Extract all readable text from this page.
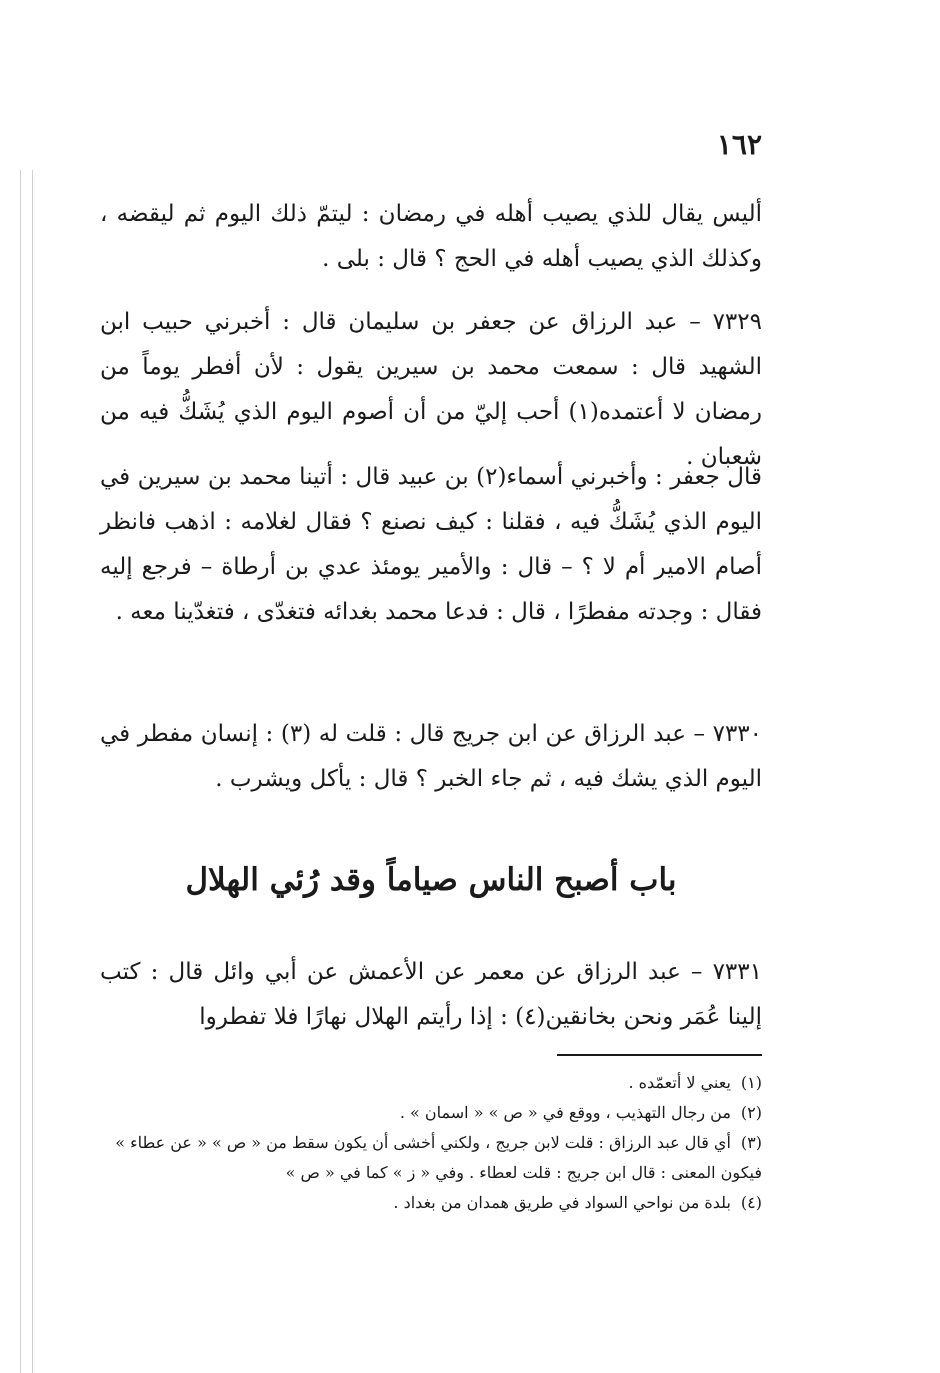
١٦٢

أليس يقال للذي يصيب أهله في رمضان : ليتمّ ذلك اليوم ثم ليقضه ، وكذلك الذي يصيب أهله في الحج ؟ قال : بلى .

٧٣٢٩ – عبد الرزاق عن جعفر بن سليمان قال : أخبرني حبيب ابن الشهيد قال : سمعت محمد بن سيرين يقول : لأن أفطر يوماً من رمضان لا أعتمده(١) أحب إليّ من أن أصوم اليوم الذي يُشَكُّ فيه من شعبان .

قال جعفر : وأخبرني أسماء(٢) بن عبيد قال : أتينا محمد بن سيرين في اليوم الذي يُشَكُّ فيه ، فقلنا : كيف نصنع ؟ فقال لغلامه : اذهب فانظر أصام الامير أم لا ؟ – قال : والأمير يومئذ عدي بن أرطاة – فرجع إليه فقال : وجدته مفطرًا ، قال : فدعا محمد بغدائه فتغدّى ، فتغدّينا معه .

٧٣٣٠ – عبد الرزاق عن ابن جريج قال : قلت له (٣) : إنسان مفطر في اليوم الذي يشك فيه ، ثم جاء الخبر ؟ قال : يأكل ويشرب .

باب أصبح الناس صياماً وقد رُئي الهلال

٧٣٣١ – عبد الرزاق عن معمر عن الأعمش عن أبي وائل قال : كتب إلينا عُمَر ونحن بخانقين(٤) : إذا رأيتم الهلال نهارًا فلا تفطروا

(١)يعني لا أتعمّده .
(٢)من رجال التهذيب ، ووقع في « ص » « اسمان » .
(٣)أي قال عبد الرزاق : قلت لابن جريج ، ولكني أخشى أن يكون سقط من « ص » « عن عطاء » فيكون المعنى : قال ابن جريج : قلت لعطاء . وفي « ز » كما في « ص »
(٤)بلدة من نواحي السواد في طريق همدان من بغداد .
